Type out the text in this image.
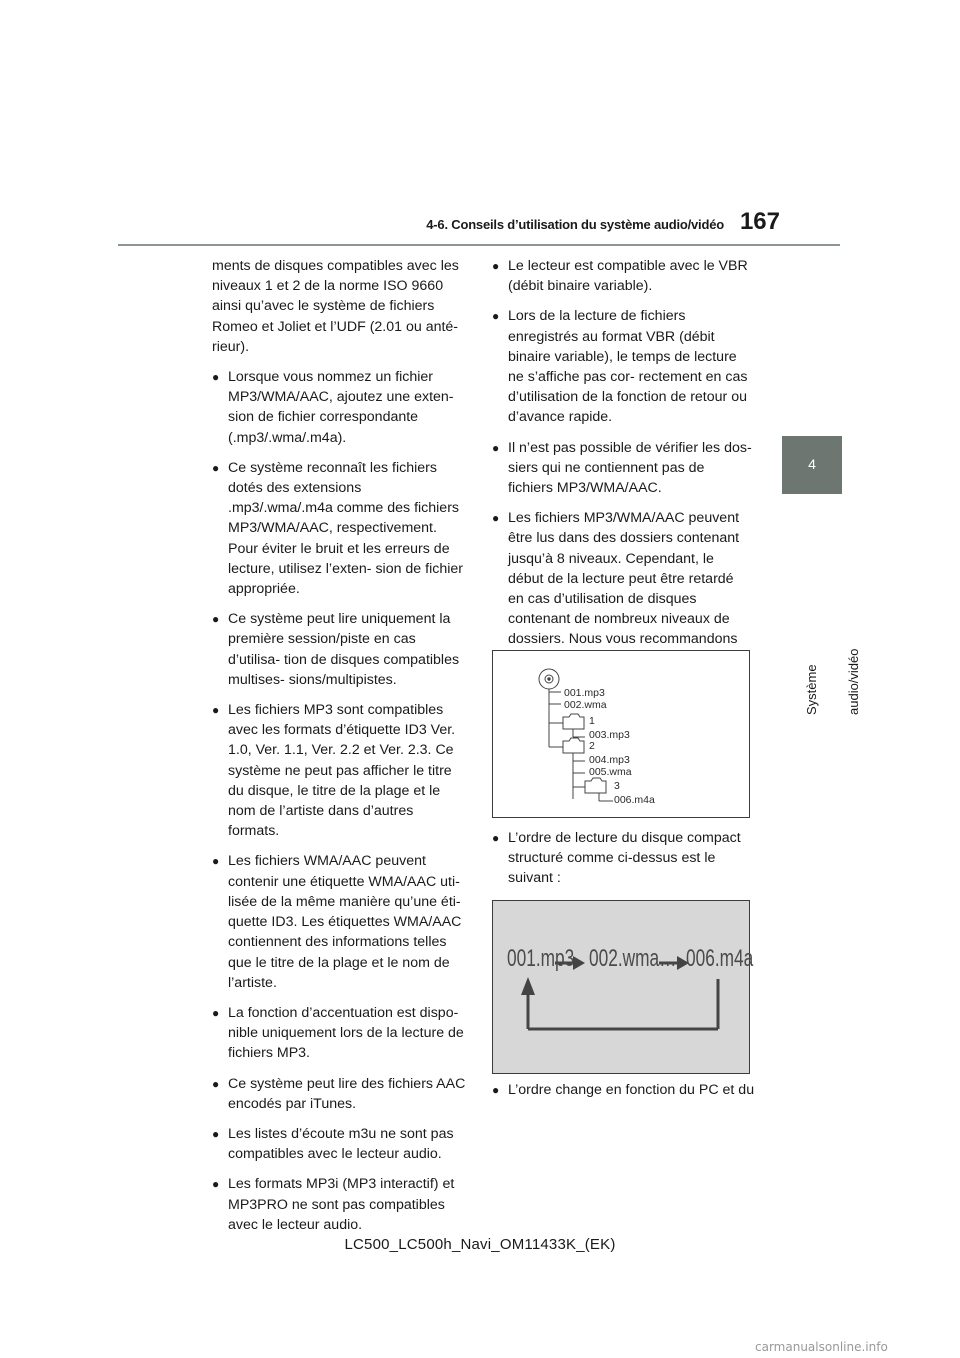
4-6. Conseils d’utilisation du système audio/vidéo 167
4
Système audio/vidéo

ments de disques compatibles avec les niveaux 1 et 2 de la norme ISO 9660 ainsi qu’avec le système de fichiers Romeo et Joliet et l’UDF (2.01 ou anté- rieur).

● Lorsque vous nommez un fichier MP3/WMA/AAC, ajoutez une exten- sion de fichier correspondante (.mp3/.wma/.m4a).

● Ce système reconnaît les fichiers dotés des extensions .mp3/.wma/.m4a comme des fichiers MP3/WMA/AAC, respectivement. Pour éviter le bruit et les erreurs de lecture, utilisez l’exten- sion de fichier appropriée.

● Ce système peut lire uniquement la première session/piste en cas d’utilisa- tion de disques compatibles multises- sions/multipistes.

● Les fichiers MP3 sont compatibles avec les formats d’étiquette ID3 Ver. 1.0, Ver. 1.1, Ver. 2.2 et Ver. 2.3. Ce système ne peut pas afficher le titre du disque, le titre de la plage et le nom de l’artiste dans d’autres formats.

● Les fichiers WMA/AAC peuvent contenir une étiquette WMA/AAC uti- lisée de la même manière qu’une éti- quette ID3. Les étiquettes WMA/AAC contiennent des informations telles que le titre de la plage et le nom de l’artiste.

● La fonction d’accentuation est dispo- nible uniquement lors de la lecture de fichiers MP3.

● Ce système peut lire des fichiers AAC encodés par iTunes.

● Les listes d’écoute m3u ne sont pas compatibles avec le lecteur audio.

● Les formats MP3i (MP3 interactif) et MP3PRO ne sont pas compatibles avec le lecteur audio.

● Le lecteur est compatible avec le VBR (débit binaire variable).

● Lors de la lecture de fichiers enregistrés au format VBR (débit binaire variable), le temps de lecture ne s’affiche pas cor- rectement en cas d’utilisation de la fonction de retour ou d’avance rapide.

● Il n’est pas possible de vérifier les dos- siers qui ne contiennent pas de fichiers MP3/WMA/AAC.

● Les fichiers MP3/WMA/AAC peuvent être lus dans des dossiers contenant jusqu’à 8 niveaux. Cependant, le début de la lecture peut être retardé en cas d’utilisation de disques contenant de nombreux niveaux de dossiers. Nous vous recommandons

001.mp3
002.wma
1
003.mp3
2
004.mp3
005.wma
3
006.m4a

● L’ordre de lecture du disque compact structuré comme ci-dessus est le suivant :

001.mp3 002.wma… 006.m4a
● L’ordre change en fonction du PC et du
LC500_LC500h_Navi_OM11433K_(EK)
carmanualsonline.info
